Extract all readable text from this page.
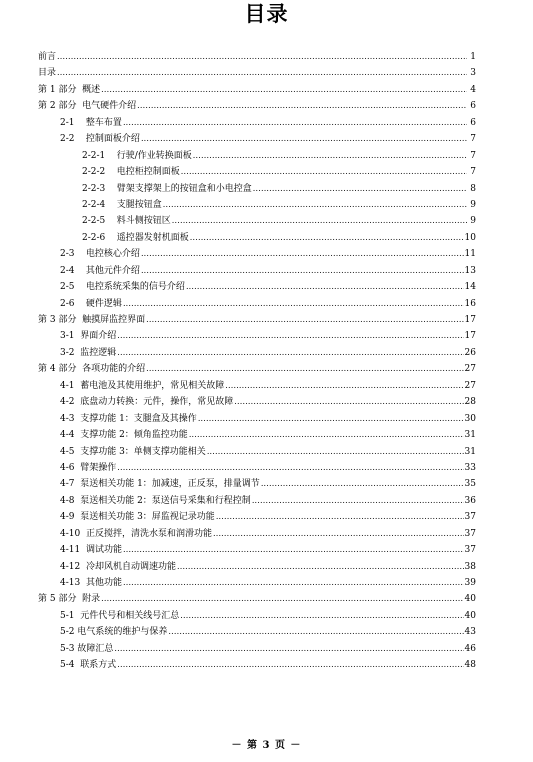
目录
前言 .....	1
目录 .....	3
第 1 部分  概述 .....	4
第 2 部分  电气硬件介绍 .....	6
2-1    整车布置 .....	6
2-2    控制面板介绍 .....	7
2-2-1    行驶/作业转换面板 .....	7
2-2-2    电控柜控制面板 .....	7
2-2-3    臂架支撑架上的按钮盒和小电控盒 .....	8
2-2-4    支腿按钮盒 .....	9
2-2-5    料斗侧按钮区 .....	9
2-2-6    遥控器发射机面板 .....	10
2-3    电控核心介绍 .....	11
2-4    其他元件介绍 .....	13
2-5    电控系统采集的信号介绍 .....	14
2-6    硬件逻辑 .....	16
第 3 部分  触摸屏监控界面 .....	17
3-1  界面介绍 .....	17
3-2  监控逻辑 .....	26
第 4 部分  各项功能的介绍 .....	27
4-1  蓄电池及其使用维护，常见相关故障 .....	27
4-2  底盘动力转换：元件，操作，常见故障 .....	28
4-3  支撑功能 1：支腿盒及其操作 .....	30
4-4  支撑功能 2：倾角监控功能 .....	31
4-5  支撑功能 3：单侧支撑功能相关 .....	31
4-6  臂架操作 .....	33
4-7  泵送相关功能 1：加减速，正反泵，排量调节 .....	35
4-8  泵送相关功能 2：泵送信号采集和行程控制 .....	36
4-9  泵送相关功能 3：屏监视记录功能 .....	37
4-10  正反搅拌，清洗水泵和润滑功能 .....	37
4-11  调试功能 .....	37
4-12  冷却风机自动调速功能 .....	38
4-13  其他功能 .....	39
第 5 部分  附录 .....	40
5-1  元件代号和相关线号汇总 .....	40
5-2 电气系统的维护与保养 .....	43
5-3 故障汇总 .....	46
5-4  联系方式 .....	48
－ 第 3 页 －
